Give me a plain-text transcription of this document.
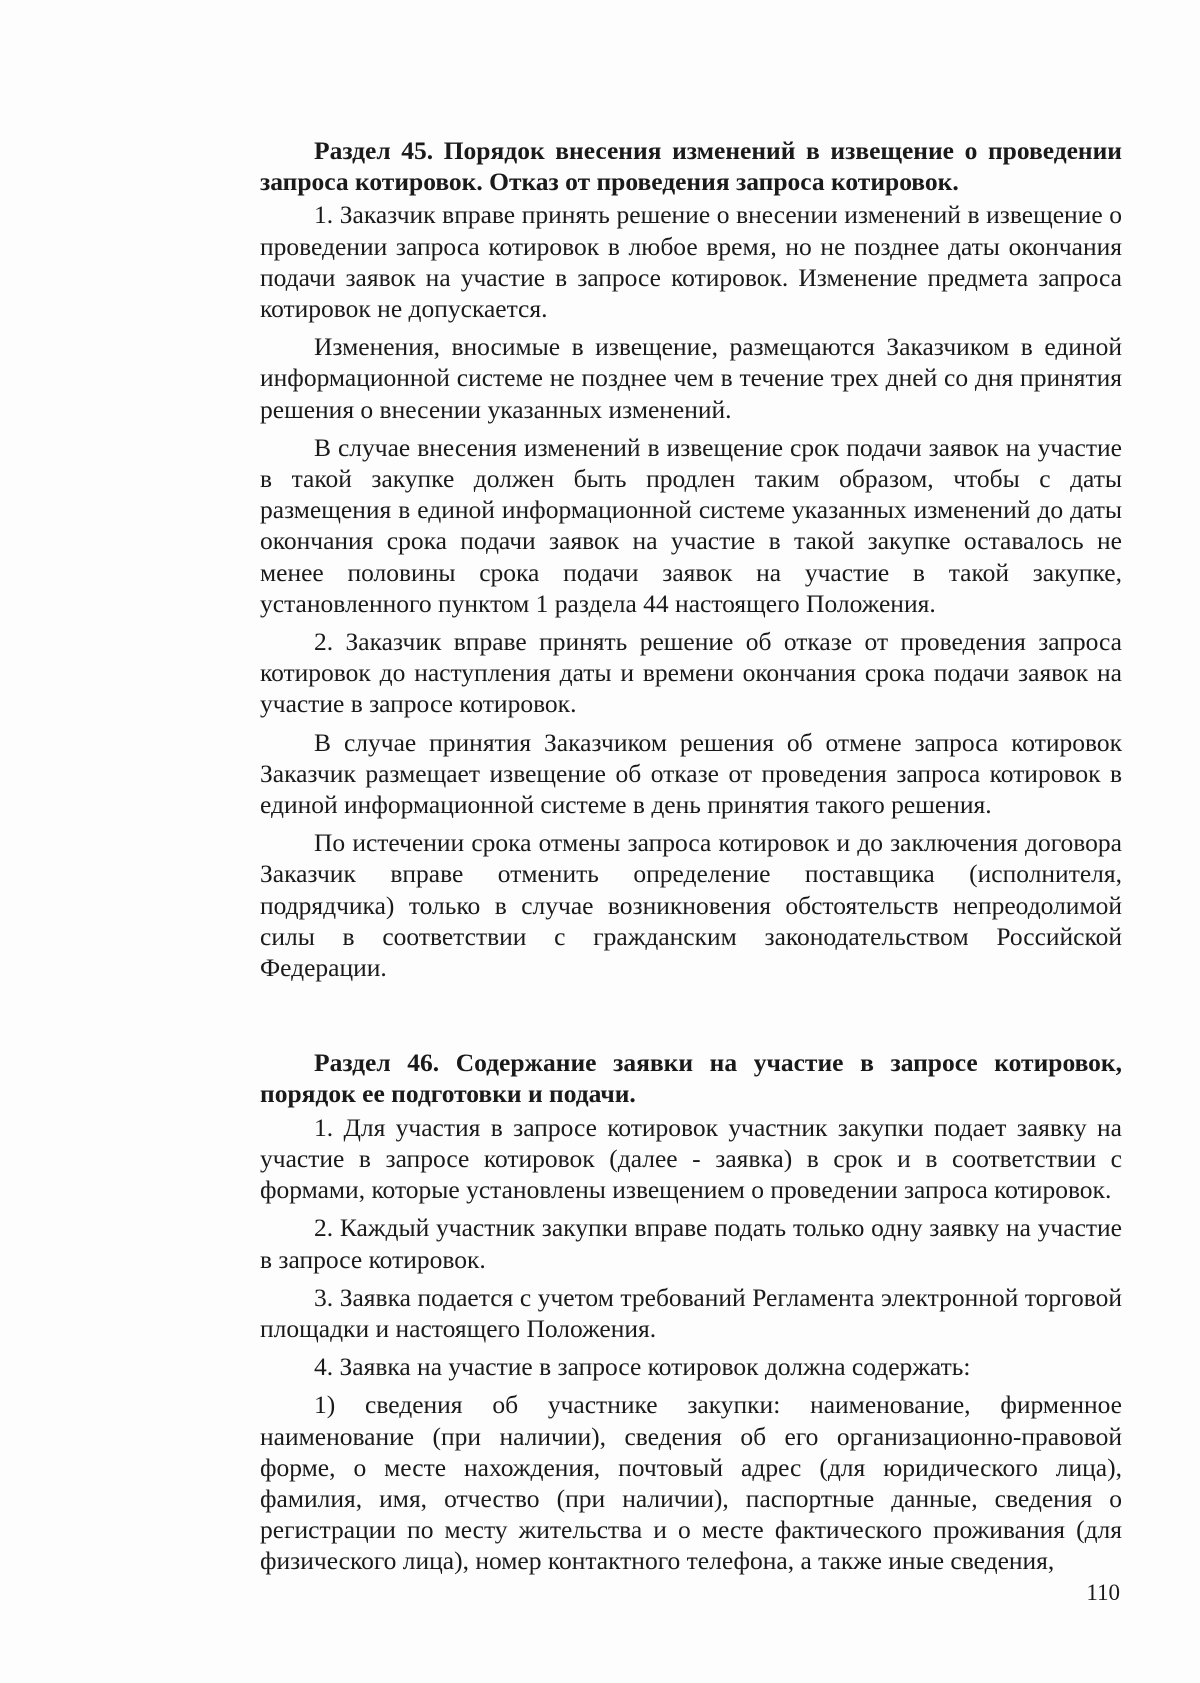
Раздел 45. Порядок внесения изменений в извещение о проведении запроса котировок. Отказ от проведения запроса котировок.

1. Заказчик вправе принять решение о внесении изменений в извещение о проведении запроса котировок в любое время, но не позднее даты окончания подачи заявок на участие в запросе котировок. Изменение предмета запроса котировок не допускается.

Изменения, вносимые в извещение, размещаются Заказчиком в единой информационной системе не позднее чем в течение трех дней со дня принятия решения о внесении указанных изменений.

В случае внесения изменений в извещение срок подачи заявок на участие в такой закупке должен быть продлен таким образом, чтобы с даты размещения в единой информационной системе указанных изменений до даты окончания срока подачи заявок на участие в такой закупке оставалось не менее половины срока подачи заявок на участие в такой закупке, установленного пунктом 1 раздела 44 настоящего Положения.

2. Заказчик вправе принять решение об отказе от проведения запроса котировок до наступления даты и времени окончания срока подачи заявок на участие в запросе котировок.

В случае принятия Заказчиком решения об отмене запроса котировок Заказчик размещает извещение об отказе от проведения запроса котировок в единой информационной системе в день принятия такого решения.

По истечении срока отмены запроса котировок и до заключения договора Заказчик вправе отменить определение поставщика (исполнителя, подрядчика) только в случае возникновения обстоятельств непреодолимой силы в соответствии с гражданским законодательством Российской Федерации.

Раздел 46. Содержание заявки на участие в запросе котировок, порядок ее подготовки и подачи.

1. Для участия в запросе котировок участник закупки подает заявку на участие в запросе котировок (далее - заявка) в срок и в соответствии с формами, которые установлены извещением о проведении запроса котировок.

2. Каждый участник закупки вправе подать только одну заявку на участие в запросе котировок.

3. Заявка подается с учетом требований Регламента электронной торговой площадки и настоящего Положения.

4. Заявка на участие в запросе котировок должна содержать:

1) сведения об участнике закупки: наименование, фирменное наименование (при наличии), сведения об его организационно-правовой форме, о месте нахождения, почтовый адрес (для юридического лица), фамилия, имя, отчество (при наличии), паспортные данные, сведения о регистрации по месту жительства и о месте фактического проживания (для физического лица), номер контактного телефона, а также иные сведения,

110
